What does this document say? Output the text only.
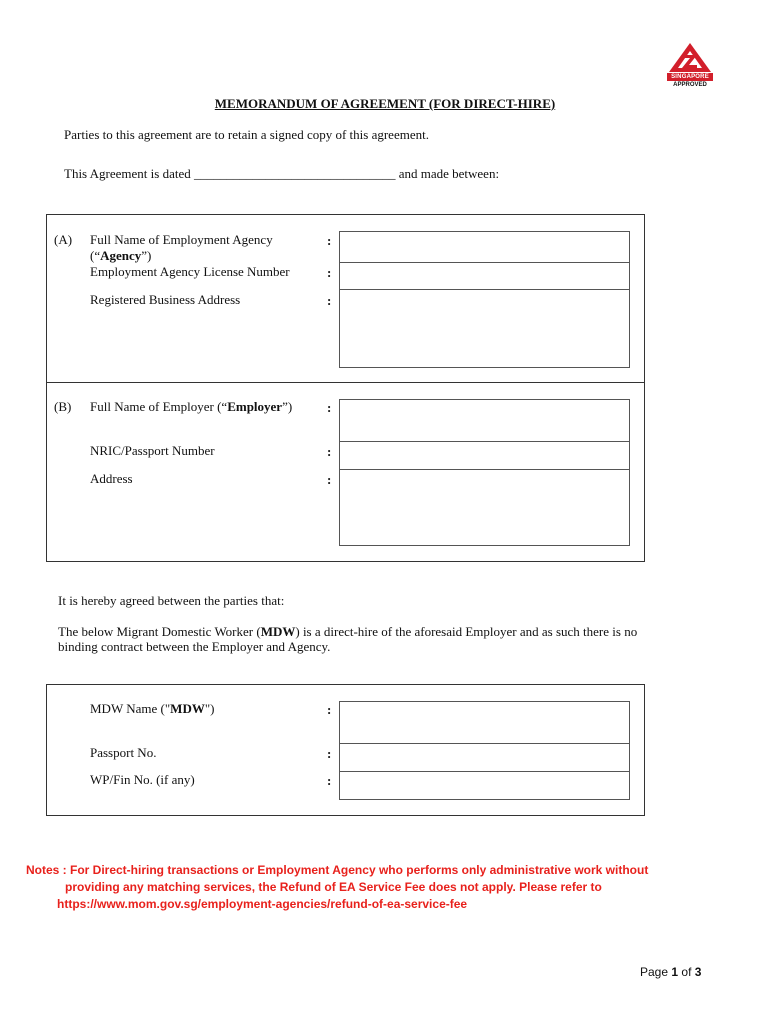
SINGAPORE
APPROVED
MEMORANDUM OF AGREEMENT (FOR DIRECT-HIRE)
Parties to this agreement are to retain a signed copy of this agreement.
This Agreement is dated _______________________________ and made between:
(A) Full Name of Employment Agency
(“Agency”)
Employment Agency License Number
Registered Business Address
:
:
:
(B) Full Name of Employer (“Employer”)
NRIC/Passport Number
Address
:
:
:
It is hereby agreed between the parties that:
The below Migrant Domestic Worker (MDW) is a direct-hire of the aforesaid Employer and as such there is no
binding contract between the Employer and Agency.
MDW Name ("MDW")
Passport No.
WP/Fin No. (if any)
:
:
:
Notes : For Direct-hiring transactions or Employment Agency who performs only administrative work without
providing any matching services, the Refund of EA Service Fee does not apply. Please refer to
https://www.mom.gov.sg/employment-agencies/refund-of-ea-service-fee
Page 1 of 3
